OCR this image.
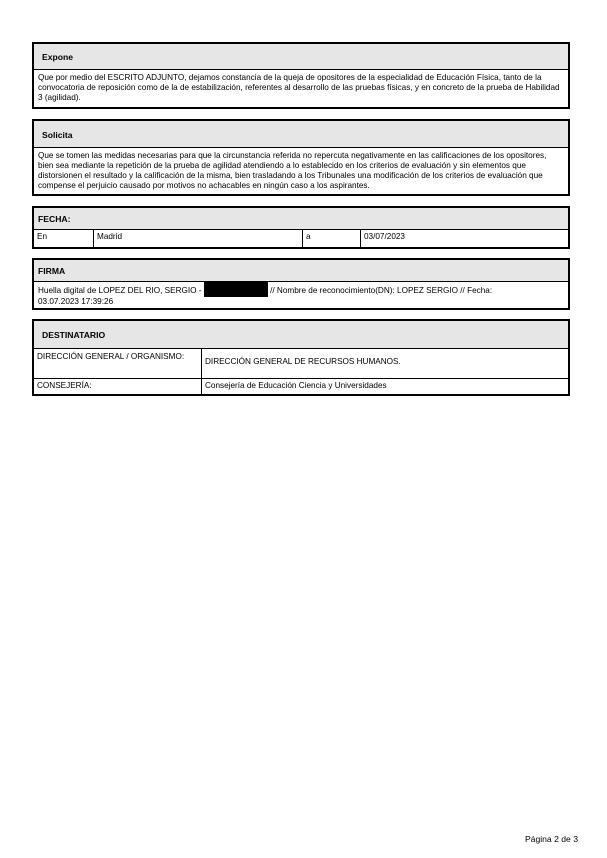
Expone
Que por medio del ESCRITO ADJUNTO, dejamos constancia de la queja de opositores de la especialidad de Educación Física, tanto de la convocatoria de reposición como de la de estabilización, referentes al desarrollo de las pruebas físicas, y en concreto de la prueba de Habilidad 3 (agilidad).
Solicita
Que se tomen las medidas necesarias para que la circunstancia referida no repercuta negativamente en las calificaciones de los opositores, bien sea mediante la repetición de la prueba de agilidad atendiendo a lo establecido en los criterios de evaluación y sin elementos que distorsionen el resultado y la calificación de la misma, bien trasladando a los Tribunales una modificación de los criterios de evaluación que compense el perjuicio causado por motivos no achacables en ningún caso a los aspirantes.
FECHA:
En	Madrid	a	03/07/2023
FIRMA
Huella digital de LOPEZ DEL RIO, SERGIO -	// Nombre de reconocimiento(DN): LOPEZ SERGIO // Fecha:
03.07.2023 17:39:26
DESTINATARIO
DIRECCIÓN GENERAL / ORGANISMO:
DIRECCIÓN GENERAL DE RECURSOS HUMANOS.
CONSEJERÍA:	Consejería de Educación Ciencia y Universidades
Página 2 de 3
